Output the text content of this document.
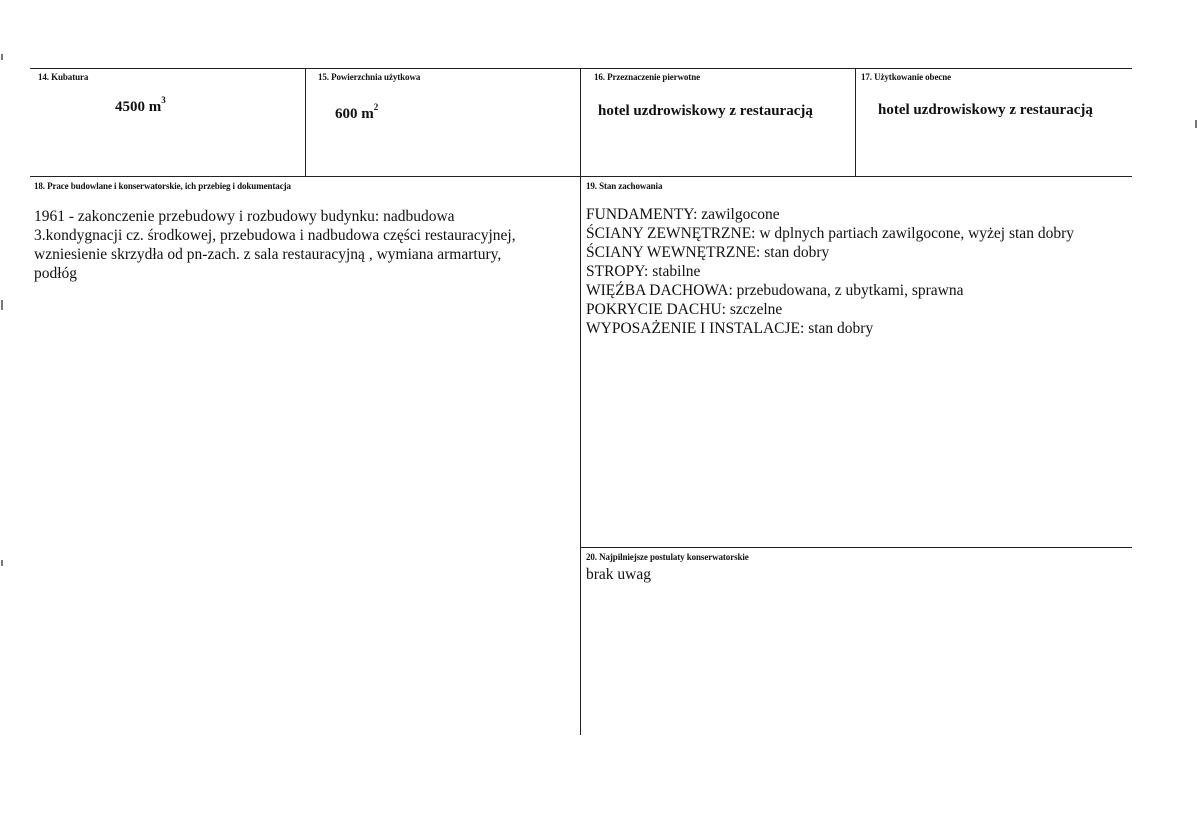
14. Kubatura
4500 $m^3$
15. Powierzchnia użytkowa
600 $m^2$
16. Przeznaczenie pierwotne
hotel uzdrowiskowy z restauracją
17. Użytkowanie obecne
hotel uzdrowiskowy z restauracją
18. Prace budowlane i konserwatorskie, ich przebieg i dokumentacja
1961 - zakonczenie przebudowy i rozbudowy budynku: nadbudowa
3.kondygnacji cz. środkowej, przebudowa i nadbudowa części restauracyjnej,
wzniesienie skrzydła od pn-zach. z sala restauracyjną , wymiana armartury,
podłóg
19. Stan zachowania
FUNDAMENTY: zawilgocone
ŚCIANY ZEWNĘTRZNE: w dplnych partiach zawilgocone, wyżej stan dobry
ŚCIANY WEWNĘTRZNE: stan dobry
STROPY: stabilne
WIĘŹBA DACHOWA: przebudowana, z ubytkami, sprawna
POKRYCIE DACHU: szczelne
WYPOSAŻENIE I INSTALACJE: stan dobry
20. Najpilniejsze postulaty konserwatorskie
brak uwag
